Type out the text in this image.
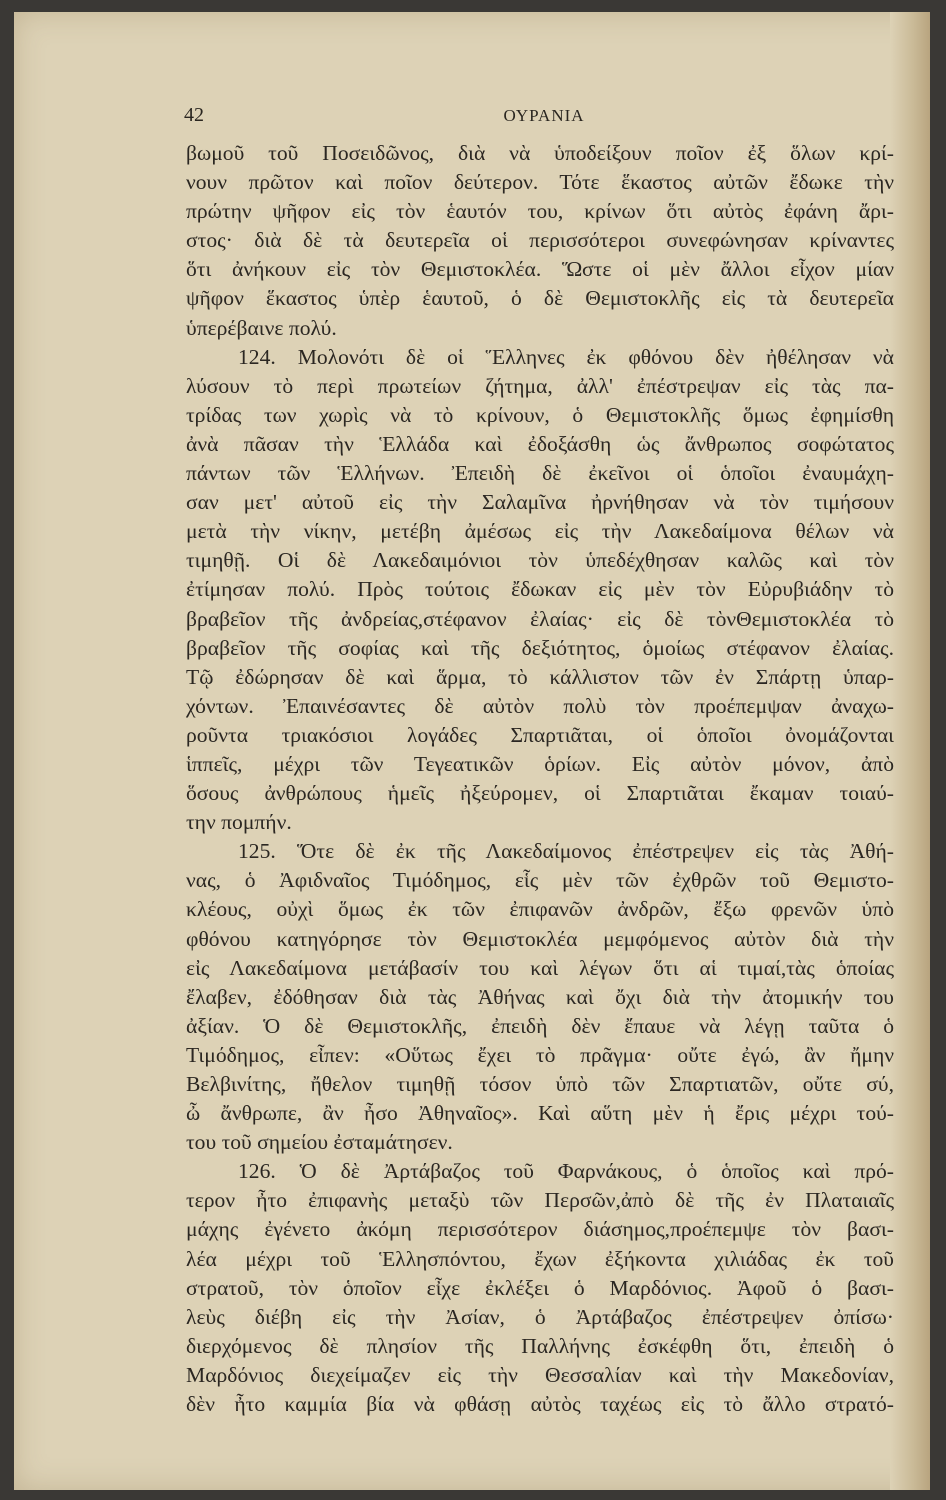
42	ΟΥΡΑΝΙΑ
βωμοῦ τοῦ Ποσειδῶνος, διὰ νὰ ὑποδείξουν ποῖον ἐξ ὅλων κρί-
νουν πρῶτον καὶ ποῖον δεύτερον. Τότε ἕκαστος αὐτῶν ἔδωκε τὴν
πρώτην ψῆφον εἰς τὸν ἑαυτόν του, κρίνων ὅτι αὐτὸς ἐφάνη ἄρι-
στος· διὰ δὲ τὰ δευτερεῖα οἱ περισσότεροι συνεφώνησαν κρίναντες
ὅτι ἀνήκουν εἰς τὸν Θεμιστοκλέα. Ὥστε οἱ μὲν ἄλλοι εἶχον μίαν
ψῆφον ἕκαστος ὑπὲρ ἑαυτοῦ, ὁ δὲ Θεμιστοκλῆς εἰς τὰ δευτερεῖα
ὑπερέβαινε πολύ.
124. Μολονότι δὲ οἱ Ἕλληνες ἐκ φθόνου δὲν ἠθέλησαν νὰ
λύσουν τὸ περὶ πρωτείων ζήτημα, ἀλλ' ἐπέστρεψαν εἰς τὰς πα-
τρίδας των χωρὶς νὰ τὸ κρίνουν, ὁ Θεμιστοκλῆς ὅμως ἐφημίσθη
ἀνὰ πᾶσαν τὴν Ἑλλάδα καὶ ἐδοξάσθη ὡς ἄνθρωπος σοφώτατος
πάντων τῶν Ἑλλήνων. Ἐπειδὴ δὲ ἐκεῖνοι οἱ ὁποῖοι ἐναυμάχη-
σαν μετ' αὐτοῦ εἰς τὴν Σαλαμῖνα ἠρνήθησαν νὰ τὸν τιμήσουν
μετὰ τὴν νίκην, μετέβη ἀμέσως εἰς τὴν Λακεδαίμονα θέλων νὰ
τιμηθῇ. Οἱ δὲ Λακεδαιμόνιοι τὸν ὑπεδέχθησαν καλῶς καὶ τὸν
ἐτίμησαν πολύ. Πρὸς τούτοις ἔδωκαν εἰς μὲν τὸν Εὐρυβιάδην τὸ
βραβεῖον τῆς ἀνδρείας,στέφανον ἐλαίας· εἰς δὲ τὸνΘεμιστοκλέα τὸ
βραβεῖον τῆς σοφίας καὶ τῆς δεξιότητος, ὁμοίως στέφανον ἐλαίας.
Τῷ ἐδώρησαν δὲ καὶ ἅρμα, τὸ κάλλιστον τῶν ἐν Σπάρτῃ ὑπαρ-
χόντων. Ἐπαινέσαντες δὲ αὐτὸν πολὺ τὸν προέπεμψαν ἀναχω-
ροῦντα τριακόσιοι λογάδες Σπαρτιᾶται, οἱ ὁποῖοι ὀνομάζονται
ἱππεῖς, μέχρι τῶν Τεγεατικῶν ὁρίων. Εἰς αὐτὸν μόνον, ἀπὸ
ὅσους ἀνθρώπους ἡμεῖς ἠξεύρομεν, οἱ Σπαρτιᾶται ἔκαμαν τοιαύ-
την πομπήν.
125. Ὅτε δὲ ἐκ τῆς Λακεδαίμονος ἐπέστρεψεν εἰς τὰς Ἀθή-
νας, ὁ Ἀφιδναῖος Τιμόδημος, εἷς μὲν τῶν ἐχθρῶν τοῦ Θεμιστο-
κλέους, οὐχὶ ὅμως ἐκ τῶν ἐπιφανῶν ἀνδρῶν, ἔξω φρενῶν ὑπὸ
φθόνου κατηγόρησε τὸν Θεμιστοκλέα μεμφόμενος αὐτὸν διὰ τὴν
εἰς Λακεδαίμονα μετάβασίν του καὶ λέγων ὅτι αἱ τιμαί,τὰς ὁποίας
ἔλαβεν, ἐδόθησαν διὰ τὰς Ἀθήνας καὶ ὄχι διὰ τὴν ἀτομικήν του
ἀξίαν. Ὁ δὲ Θεμιστοκλῆς, ἐπειδὴ δὲν ἔπαυε νὰ λέγῃ ταῦτα ὁ
Τιμόδημος, εἶπεν: «Οὕτως ἔχει τὸ πρᾶγμα· οὔτε ἐγώ, ἂν ἤμην
Βελβινίτης, ἤθελον τιμηθῇ τόσον ὑπὸ τῶν Σπαρτιατῶν, οὔτε σύ,
ὦ ἄνθρωπε, ἂν ἦσο Ἀθηναῖος». Καὶ αὕτη μὲν ἡ ἔρις μέχρι τού-
του τοῦ σημείου ἐσταμάτησεν.
126. Ὁ δὲ Ἀρτάβαζος τοῦ Φαρνάκους, ὁ ὁποῖος καὶ πρό-
τερον ἦτο ἐπιφανὴς μεταξὺ τῶν Περσῶν,ἀπὸ δὲ τῆς ἐν Πλαταιαῖς
μάχης ἐγένετο ἀκόμη περισσότερον διάσημος,προέπεμψε τὸν βασι-
λέα μέχρι τοῦ Ἑλλησπόντου, ἔχων ἐξήκοντα χιλιάδας ἐκ τοῦ
στρατοῦ, τὸν ὁποῖον εἶχε ἐκλέξει ὁ Μαρδόνιος. Ἀφοῦ ὁ βασι-
λεὺς διέβη εἰς τὴν Ἀσίαν, ὁ Ἀρτάβαζος ἐπέστρεψεν ὀπίσω·
διερχόμενος δὲ πλησίον τῆς Παλλήνης ἐσκέφθη ὅτι, ἐπειδὴ ὁ
Μαρδόνιος διεχείμαζεν εἰς τὴν Θεσσαλίαν καὶ τὴν Μακεδονίαν,
δὲν ἦτο καμμία βία νὰ φθάσῃ αὐτὸς ταχέως εἰς τὸ ἄλλο στρατό-
